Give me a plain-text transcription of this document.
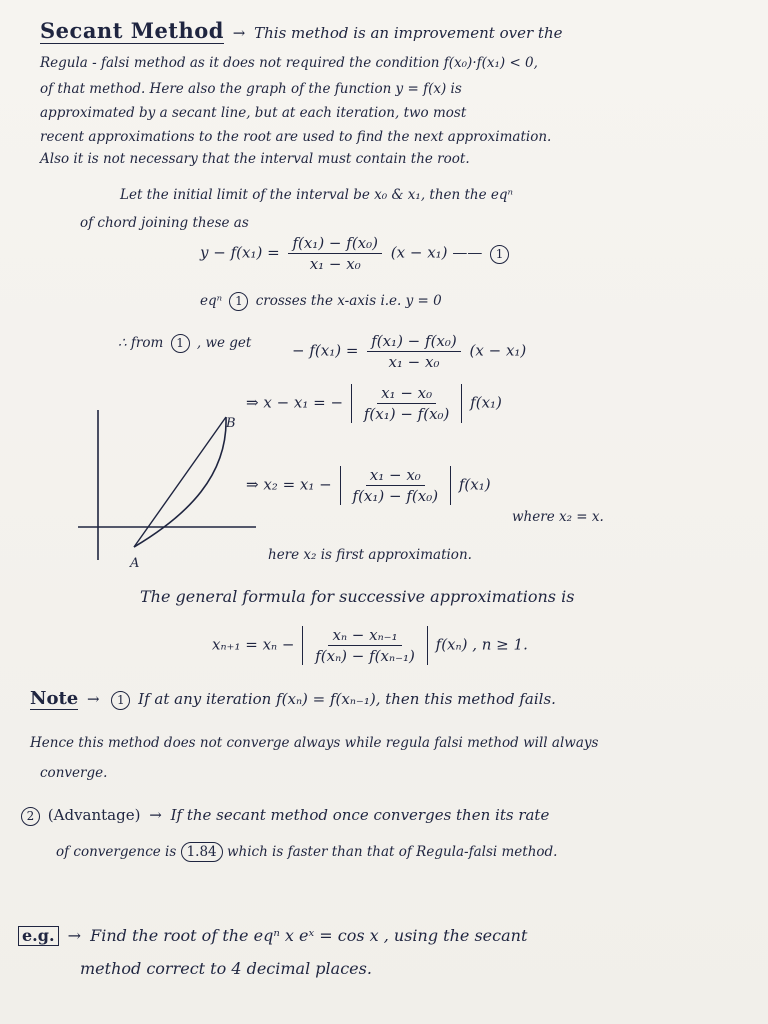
Secant Method → This method is an improvement over the
Regula - falsi method as it does not required the condition f(x₀)·f(x₁) < 0,
of that method. Here also the graph of the function y = f(x) is
approximated by a secant line, but at each iteration, two most
recent approximations to the root are used to find the next approximation.
Also it is not necessary that the interval must contain the root.
Let the initial limit of the interval be x₀ & x₁, then the eqⁿ
of chord joining these as
$y - f(x_1) = \frac{\text{f(x₁) − f(x₀)}}{\text{x₁ − x₀}} (x - x_1)$ —— 1
eqⁿ 1 crosses the x-axis i.e. y = 0
∴ from 1 , we get	− $f(x_1) = \frac{\text{f(x₁) − f(x₀)}}{\text{x₁ − x₀}} (x - x_1)$
⇒ x − x₁ = − $\frac{\text{x₁ − x₀}}{\text{f(x₁) − f(x₀)}} f(x_1)$
⇒ $x_2 = x_1 - \frac{\text{x₁ − x₀}}{\text{f(x₁) − f(x₀)}} f(x_1)$
where x₂ = x.
here x₂ is first approximation.
A
B
The general formula for successive approximations is
$x_{n+1} = x_n - \frac{\text{xₙ − xₙ₋₁}}{\text{f(xₙ) − f(xₙ₋₁)}} f(x_n)$ , n ≥ 1.
Note → 1 If at any iteration f(xₙ) = f(xₙ₋₁), then this method fails.
Hence this method does not converge always while regula falsi method will always
converge.
2 (Advantage) → If the secant method once converges then its rate
of convergence is 1.84 which is faster than that of Regula-falsi method.
e.g. → Find the root of the eqⁿ x eˣ = cos x , using the secant
method correct to 4 decimal places.
